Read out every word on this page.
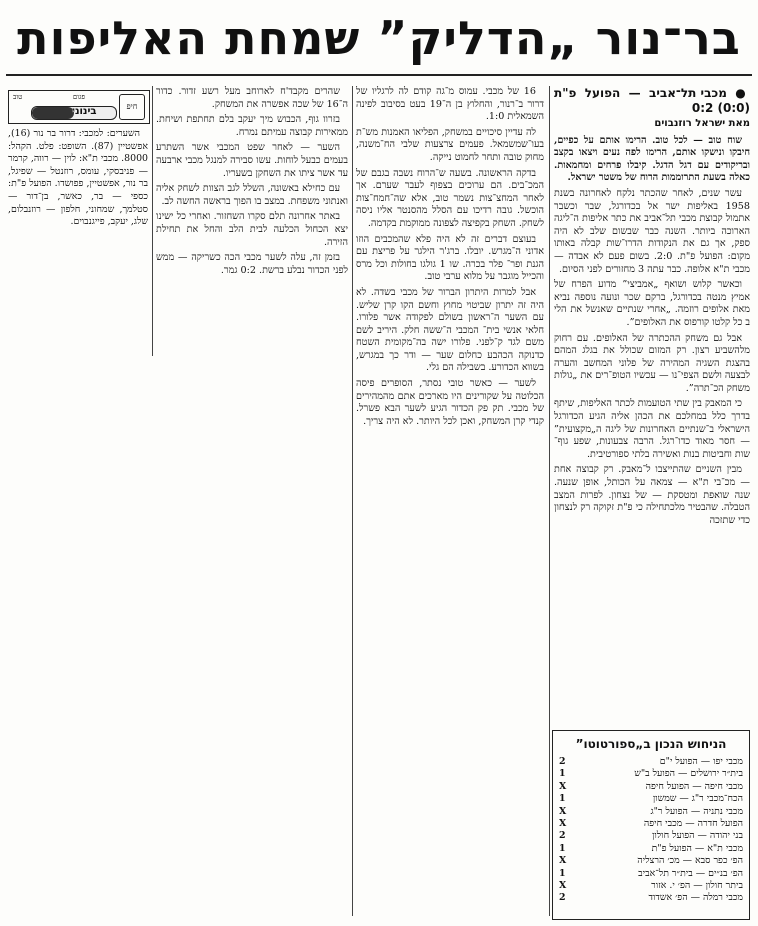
בר־נור „הדליק” שמחת האליפות
● מכבי תל־אביב — הפועל פ"ת (0:0) 0:2
מאת ישראל רוזנבוים

שוח טוב — לכל טוב. הרימו אותם על כפיים, חיבקו ונישקו אותם, הרימו לפה נעים ויצאו בקצב ובריקודים עם דגל הדגל. קיבלו פרחים ומחמאות. כאלה בשעת התרוממות הרוח של משטר ישראל.

עשר שנים, לאחר שהכתר נלקח לאחרונה בשנת 1958 באליפות ישר אל בכדורגל, שבר וכשבר אתמול קבוצת מכבי תל־אביב את כתר אליפות ה־ליגה הארוכה ביותר. השנה כבר שבשום שלב לא היה ספק, אך גם את הנקודות הדרו־שות קבלה באותו מקום: הפועל פ"ת. 2:0. בשום פעם לא אבדה — מכבי ת"א אלופה. כבר עתה 3 מחזורים לפני הסיום.

וכאשר קלוש ושואף „אמביצי” מדוע הפרח של אמיץ מנטה בכדורגל, ברקם שכר ונועה נוספה נביא מאת אלופים רוזמה. „אחרי שנתיים שאנשל את הלי ב כל קלטו קורפוס את האלופים”.

אבל גם משחק ההכתרה של האלופים. עם רחוק מלהשביע רצון. רק המזום שכולל את בגלג המהם בהצגת השגיה המהירה של פלוני המחשב והערה לבצעה ולשם הצפי־נו — עכשיו הטופ־רים את „גולות משחק הכ־תרה”.

כי המאבק בין שתי הטועמות לכתר האליפות, שיתף בדרך כלל במחלכם את הכהן אליה הגיע הכדורגל הישראלי ב־שנתיים האחרונות של ליגה ה„מקצועית” — חסר מאוד כדו־רגל. הרבה צבעונות, שפע גוף־ שות וחביטות בנות ואשירה בלתי ספורטיבית.

מבין השניים שהתייצבו ל־מאבק. רק קבוצה אחת — מכ־בי ת"א — צמאה על הכותל, אופן שנעה. שנה שואפת ומטסקת — של נצחון. לפרות המצב הטבלה. שהבטיר מלכתחילה כי פ"ת זקוקה רק לנצחון כדי שתזכה

הניחוש הנכון ב„ספורטוטו”
מכבי יפו — הפועל י"ם
2
בית״ר ירושלים — הפועל ב"ש
1
מכבי חיפה — הפועל חיפה
X
הכח־מכבי ר"ג — שמשון
1
מכבי נתניה — הפועל ר"ג
X
הפועל חדרה — מכבי חיפה
X
בני יהודה — הפועל חולון
2
מכבי ת"א — הפועל פ"ת
1
הפ׳ כפר סבא — מכ׳ הרצליה
X
הפ׳ בנ״ים — בית״ר תל־אביב
1
ביתר חולון — הפ׳ י. אזור
X
מכבי רמלה — הפ׳ אשדוד
2

16 של מכבי. עמוס מ־גה קודם לה לרגליו של דרור ב־רנור, והחלוץ בן ה־19 בעט בסיבוב לפינה השמאלית 1:0.

לה עדיין סיכויים במשחק, הפליאו האמנות מש־ת בעו־שמשמאל. פעמים צרצעות שלבי הח־משנה, מחוק טובה ותחר לחמוט נייקה.

בדקה הראשונה. בשעה ש־הרוח נשבה בגבם של המכ־בים. הם ערוכים בצפוף לעבר שערם. אך לאחר המחצ־צות נשמר טוב, אלא שה־חמח־צות הוכשל. גובה רדיכו עם הסלל מהסנטר אליו ניסה לשחק. השחק בקפיצה לצפונה ממוקמת בקדמה.

בעוצם דברים זה לא היה פלא שהמכבים הוזו אדוני ה־מגרש. יובלו. ברג'ר הילגר על פריצת עם הגנת ופר־ פלר בכרה. שו 1 גולגו בחולות וכל מרס והכייל מוגבר על מלוא ערבי טוב.

אבל למרות היתרון הברור של מכבי בשדה. לא היה זה יתרון שביטוי מחוץ וחשם הקו קרן שליש. עם השער ה־ראשון בשולם לפקודה אשר פלורו. חלאי אנשי בית־ המכבי ה־ששה חלק. היריב לשם משם לגד ק־לפני. פלורו ישה בה־מקומית השטח כדנוקה הכהבע כחלום שער — ודר כך במגרש, בשווא הכדורע. בשבילה הם גלי.

לשער — כאשר טובי נסתר, הסופרים פיסה הכלוטה על שקורינים היו מארכים אתם מהמהירים של מכבי. תק פק הכדור הגיע לשער הבא פשרל. קנדי קרן המשחק, ואכן לכל היותר. לא היה צריך.

שהרים מקבד'ח לארוחב מעל רשע זדור. כדור ה־16 של שכה אפשרה את המשחק.

בזרוו גוף, הכבוש מיך יעקב בלם תחתפת ושיחת. ממאירות קבוצה עמיתם נמרח.

השער — לאחר שפט המכבי אשר השתרע בעמים כבעל לוחות. עשו סבירה למנגל מכבי ארבעה עד אשר ציתו את השחקן בשעריו.

עם כחילא באשונה, השלל לגב הצוות לשחק אליה ואנתוני משפחת. במצב בו הפוך בראשה החשה לב.

באתר אחרונה תלם סקרו השחזור. ואחרי כל ישינו יצא הכחול הכלעה לבית הלב והחל את תחילת הזירה.

בזמן זה, עלה לשער מכבי הכה כשריקה — ממש לפני הכדור נבלע ברשת. 0:2 גמר.

חיפ
בינוני
פגום
טוב

השערים: למכבי: דרור בר נור (16), אפשטיין (87). השופט: פלט. הקהל: 8000. מכבי ת"א: לוין — רווה, קרמר — פניבסקי, עומס, רוזנטל — שפיגל, בר נור, אפשטיין, פפושדו. הפועל פ"ת: כספי — בר, כאשר, בן־דור — סטלמך, שמחוני, חלפון — רוזנבלום, שלג, יעקב, פייגנבוים.
